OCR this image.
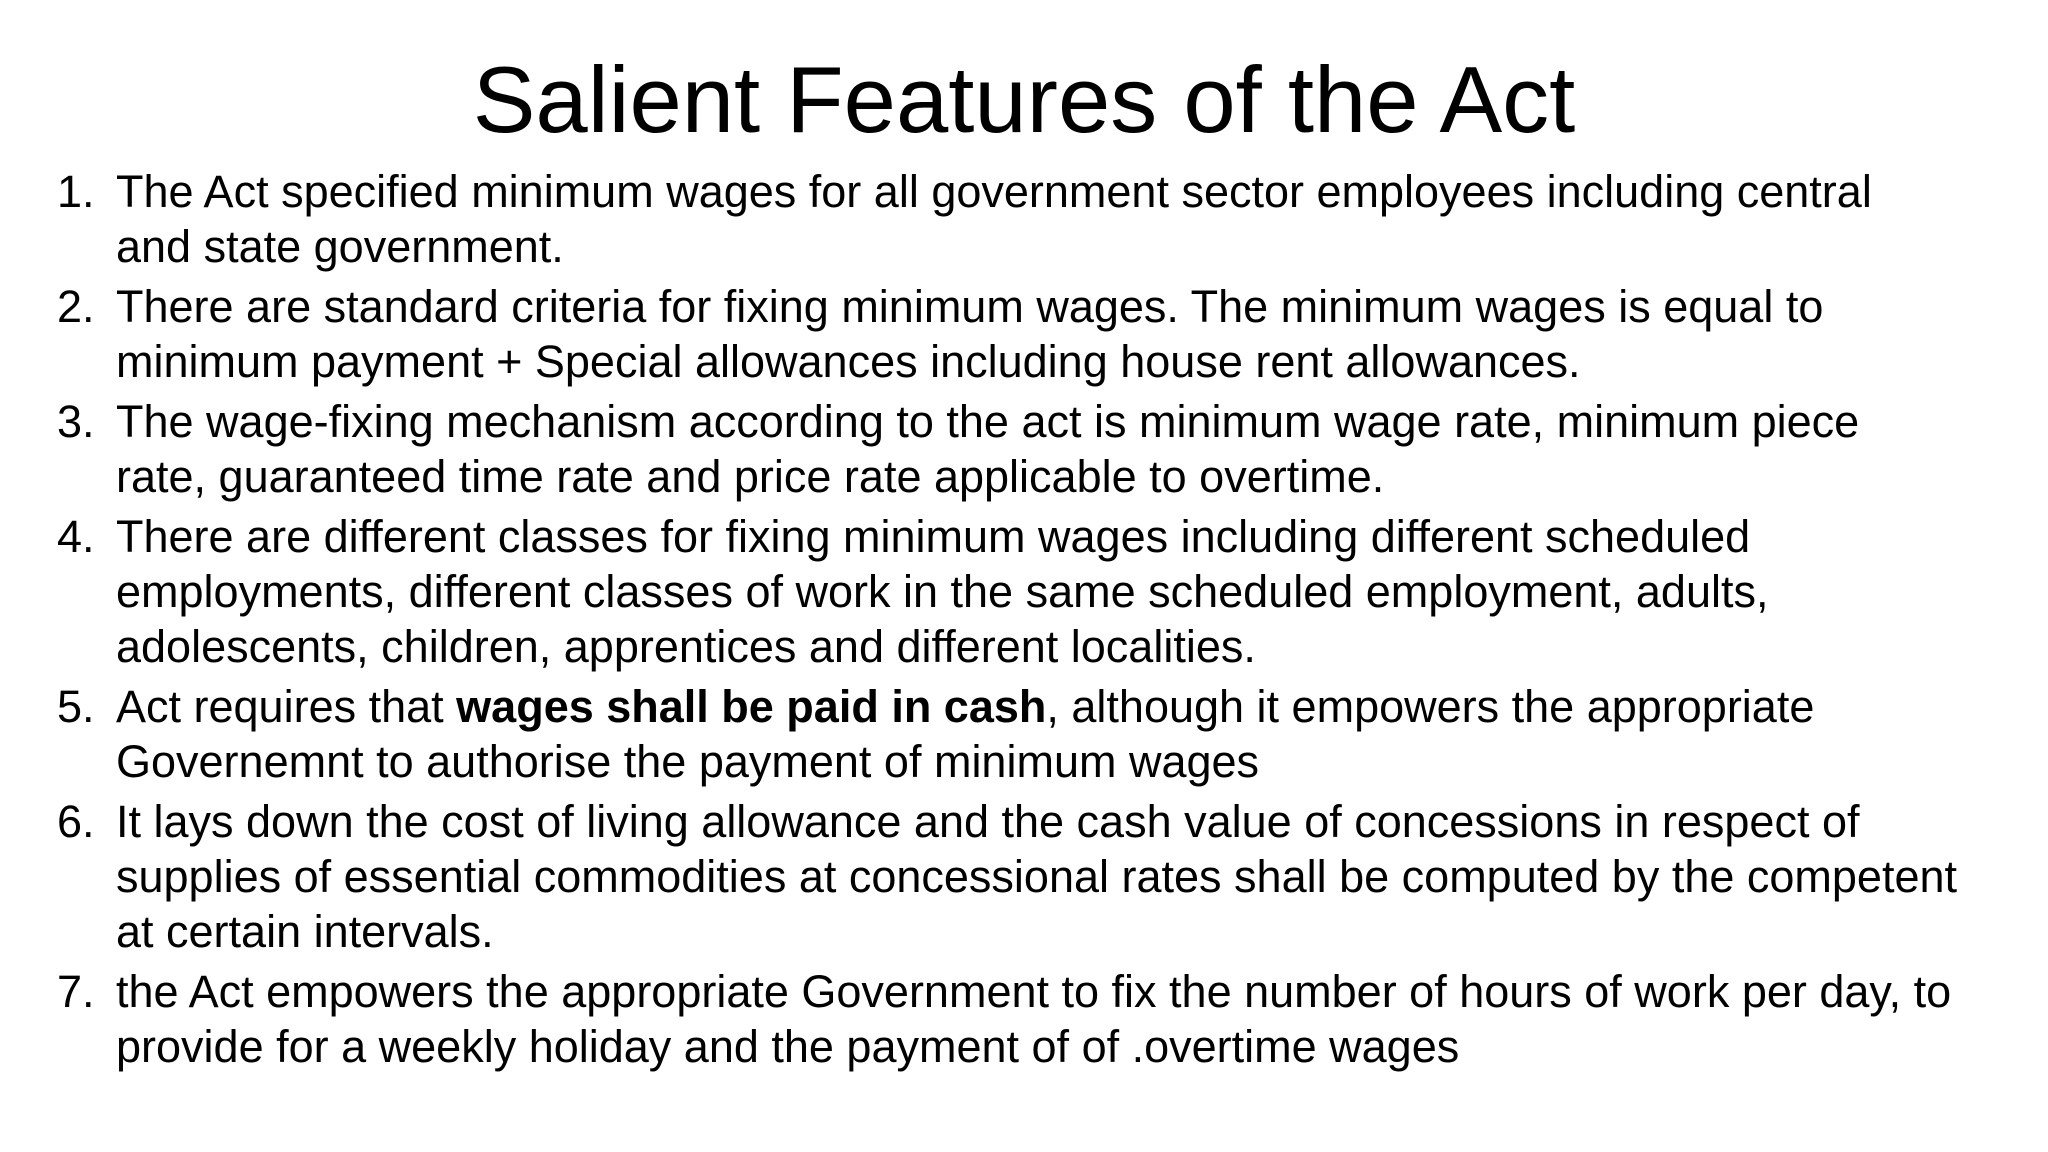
Salient Features of the Act
1. The Act specified minimum wages for all government sector employees including central and state government.
2. There are standard criteria for fixing minimum wages. The minimum wages is equal to minimum payment + Special allowances including house rent allowances.
3. The wage-fixing mechanism according to the act is minimum wage rate, minimum piece rate, guaranteed time rate and price rate applicable to overtime.
4. There are different classes for fixing minimum wages including different scheduled employments, different classes of work in the same scheduled employment, adults, adolescents, children, apprentices and different localities.
5. Act requires that wages shall be paid in cash, although it empowers the appropriate Governemnt to authorise the payment of minimum wages
6. It lays down the cost of living allowance and the cash value of concessions in respect of supplies of essential commodities at concessional rates shall be computed by the competent at certain intervals.
7. the Act empowers the appropriate Government to fix the number of hours of work per day, to provide for a weekly holiday and the payment of of .overtime wages
